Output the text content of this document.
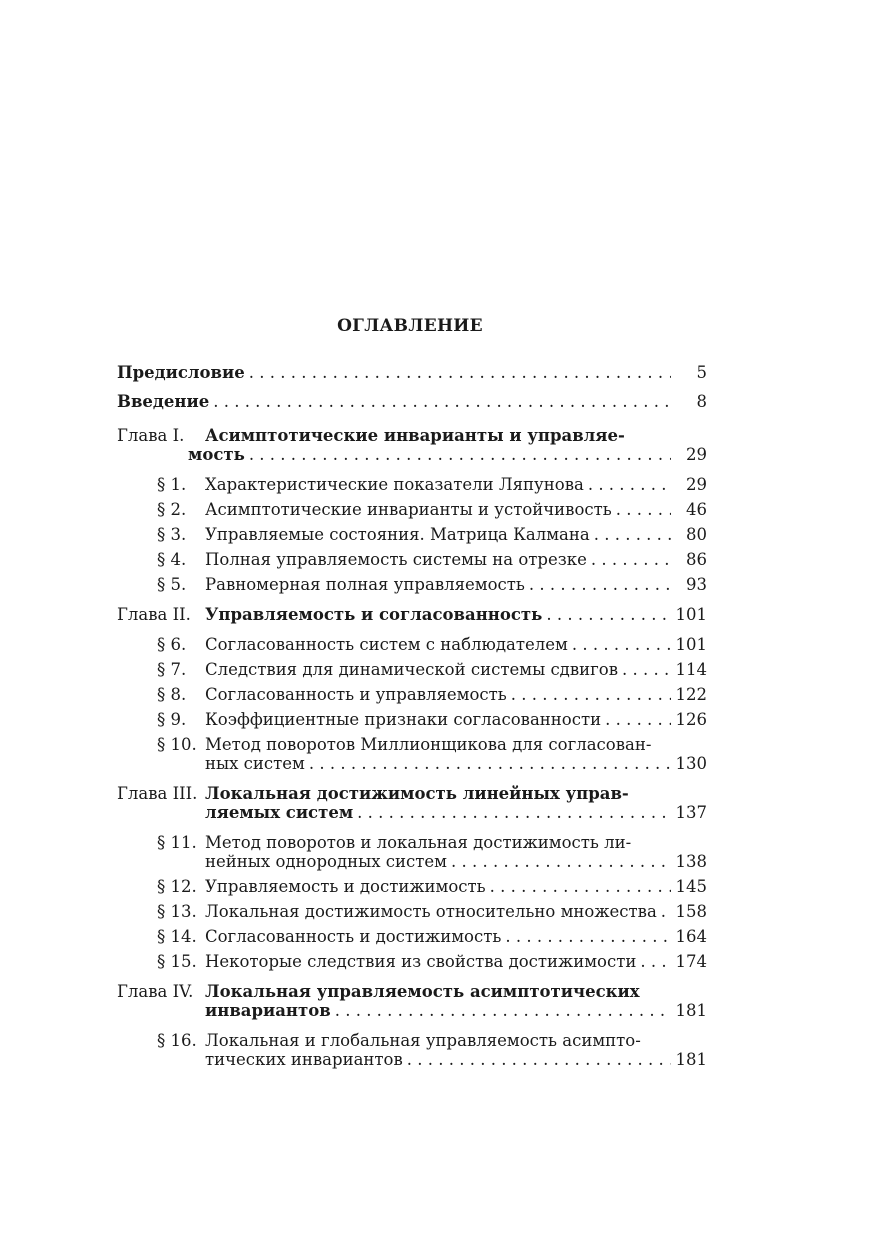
ОГЛАВЛЕНИЕ
Предисловие . . .	5
Введение . . .	8
Глава I.	Асимптотические инварианты и управляе-
мость . . .	29
§ 1.	Характеристические показатели Ляпунова . . .	29
§ 2.	Асимптотические инварианты и устойчивость . . .	46
§ 3.	Управляемые состояния. Матрица Калмана . . .	80
§ 4.	Полная управляемость системы на отрезке . . .	86
§ 5.	Равномерная полная управляемость . . .	93
Глава II. Управляемость и согласованность . . .	101
§ 6.	Согласованность систем с наблюдателем . . .	101
§ 7.	Следствия для динамической системы сдвигов . . .	114
§ 8.	Согласованность и управляемость . . .	122
§ 9.	Коэффициентные признаки согласованности . . .	126
§ 10. Метод поворотов Миллионщикова для согласован-
ных систем . . .	130
Глава III. Локальная достижимость линейных управ-
ляемых систем . . .	137
§ 11. Метод поворотов и локальная достижимость ли-
нейных однородных систем . . .	138
§ 12. Управляемость и достижимость . . .	145
§ 13. Локальная достижимость относительно множества . . . 158
§ 14. Согласованность и достижимость . . .	164
§ 15. Некоторые следствия из свойства достижимости . . . 174
Глава IV. Локальная управляемость асимптотических
инвариантов . . .	181
§ 16. Локальная и глобальная управляемость асимпто-
тических инвариантов . . .	181
